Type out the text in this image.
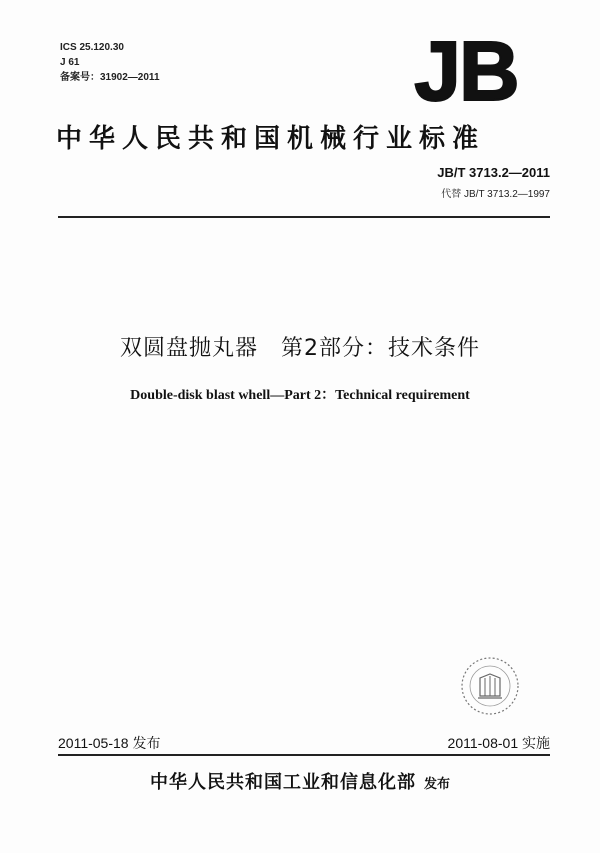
ICS 25.120.30
J 61
备案号：31902—2011	JB
中华人民共和国机械行业标准
JB/T 3713.2—2011
代替 JB/T 3713.2—1997
双圆盘抛丸器　第2部分：技术条件
Double-disk blast whell—Part 2：Technical requirement
2011-05-18 发布	2011-08-01 实施
中华人民共和国工业和信息化部 发布
